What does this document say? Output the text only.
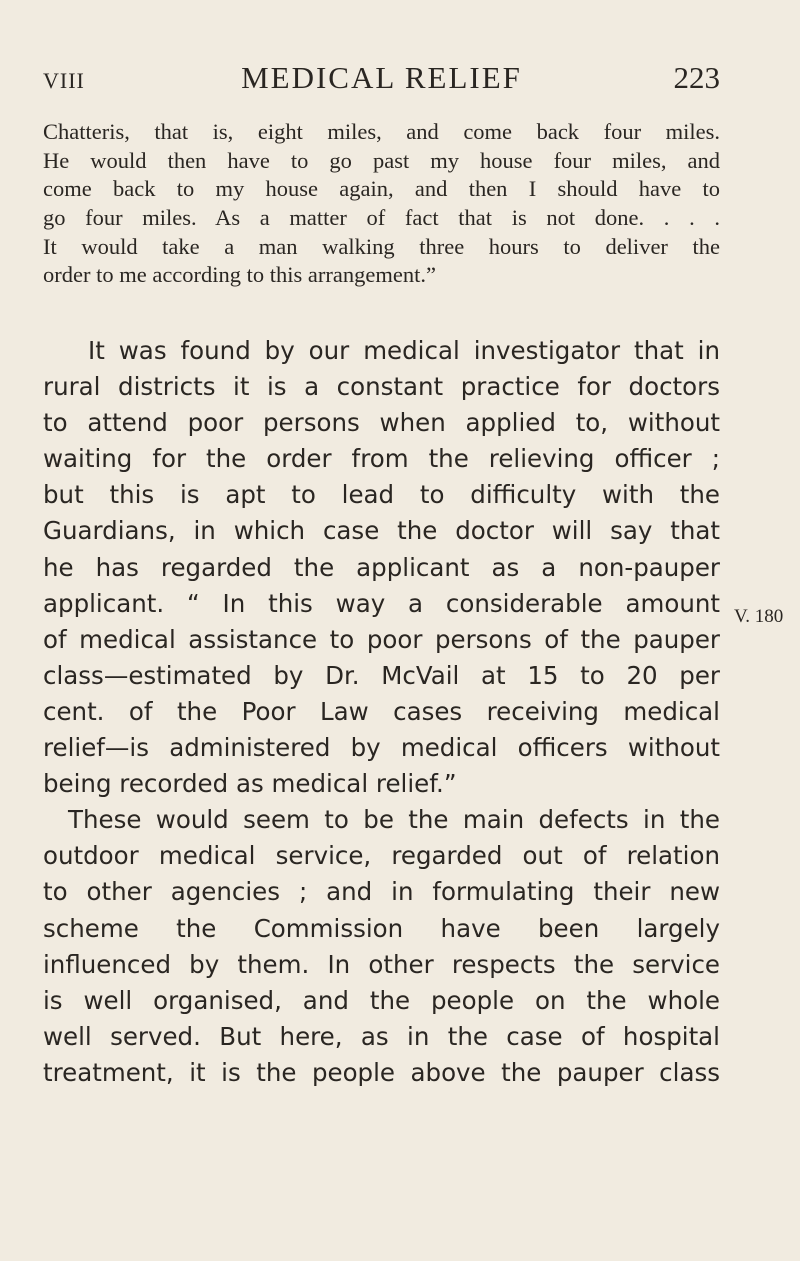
VIII	MEDICAL RELIEF	223
Chatteris, that is, eight miles, and come back four miles.
He would then have to go past my house four miles, and
come back to my house again, and then I should have to
go four miles. As a matter of fact that is not done. . . .
It would take a man walking three hours to deliver the
order to me according to this arrangement.”
It was found by our medical investigator that in
rural districts it is a constant practice for doctors
to attend poor persons when applied to, without
waiting for the order from the relieving officer ;
but this is apt to lead to difficulty with the
Guardians, in which case the doctor will say that
he has regarded the applicant as a non-pauper
applicant. “ In this way a considerable amount
of medical assistance to poor persons of the pauper
class—estimated by Dr. McVail at 15 to 20 per
cent. of the Poor Law cases receiving medical
relief—is administered by medical officers without
being recorded as medical relief.”
These would seem to be the main defects in the
outdoor medical service, regarded out of relation
to other agencies ; and in formulating their new
scheme the Commission have been largely
influenced by them. In other respects the service
is well organised, and the people on the whole
well served. But here, as in the case of hospital
treatment, it is the people above the pauper class
V. 180
